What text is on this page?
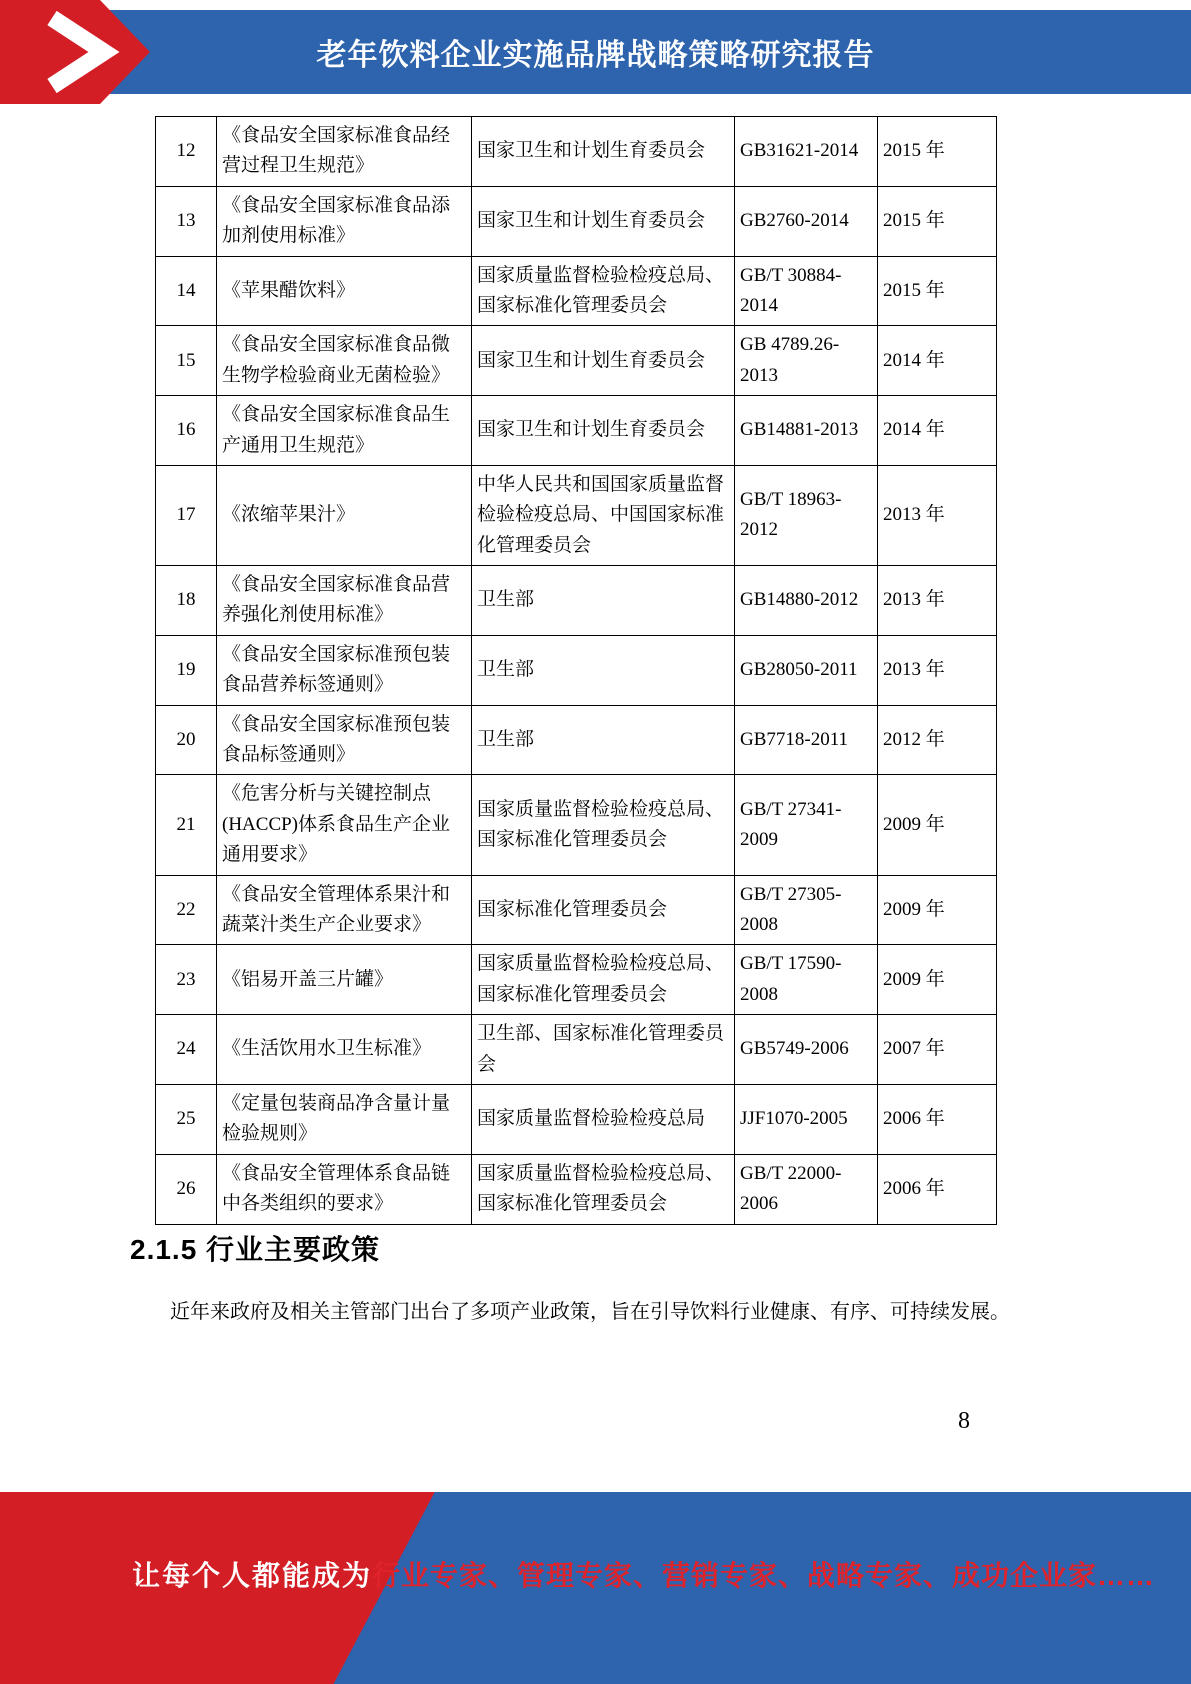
老年饮料企业实施品牌战略策略研究报告
12	《食品安全国家标准食品经营过程卫生规范》	国家卫生和计划生育委员会	GB31621-2014	2015 年
13	《食品安全国家标准食品添加剂使用标准》	国家卫生和计划生育委员会	GB2760-2014	2015 年
14	《苹果醋饮料》	国家质量监督检验检疫总局、国家标准化管理委员会	GB/T 30884-2014	2015 年
15	《食品安全国家标准食品微生物学检验商业无菌检验》	国家卫生和计划生育委员会	GB 4789.26-2013	2014 年
16	《食品安全国家标准食品生产通用卫生规范》	国家卫生和计划生育委员会	GB14881-2013	2014 年
17	《浓缩苹果汁》	中华人民共和国国家质量监督检验检疫总局、中国国家标准化管理委员会	GB/T 18963-2012	2013 年
18	《食品安全国家标准食品营养强化剂使用标准》	卫生部	GB14880-2012	2013 年
19	《食品安全国家标准预包装食品营养标签通则》	卫生部	GB28050-2011	2013 年
20	《食品安全国家标准预包装食品标签通则》	卫生部	GB7718-2011	2012 年
21	《危害分析与关键控制点(HACCP)体系食品生产企业通用要求》	国家质量监督检验检疫总局、国家标准化管理委员会	GB/T 27341-2009	2009 年
22	《食品安全管理体系果汁和蔬菜汁类生产企业要求》	国家标准化管理委员会	GB/T 27305-2008	2009 年
23	《铝易开盖三片罐》	国家质量监督检验检疫总局、国家标准化管理委员会	GB/T 17590-2008	2009 年
24	《生活饮用水卫生标准》	卫生部、国家标准化管理委员会	GB5749-2006	2007 年
25	《定量包装商品净含量计量检验规则》	国家质量监督检验检疫总局	JJF1070-2005	2006 年
26	《食品安全管理体系食品链中各类组织的要求》	国家质量监督检验检疫总局、国家标准化管理委员会	GB/T 22000-2006	2006 年
2.1.5 行业主要政策
近年来政府及相关主管部门出台了多项产业政策，旨在引导饮料行业健康、有序、可持续发展。
8
让每个人都能成为 行业专家、管理专家、营销专家、战略专家、成功企业家……
